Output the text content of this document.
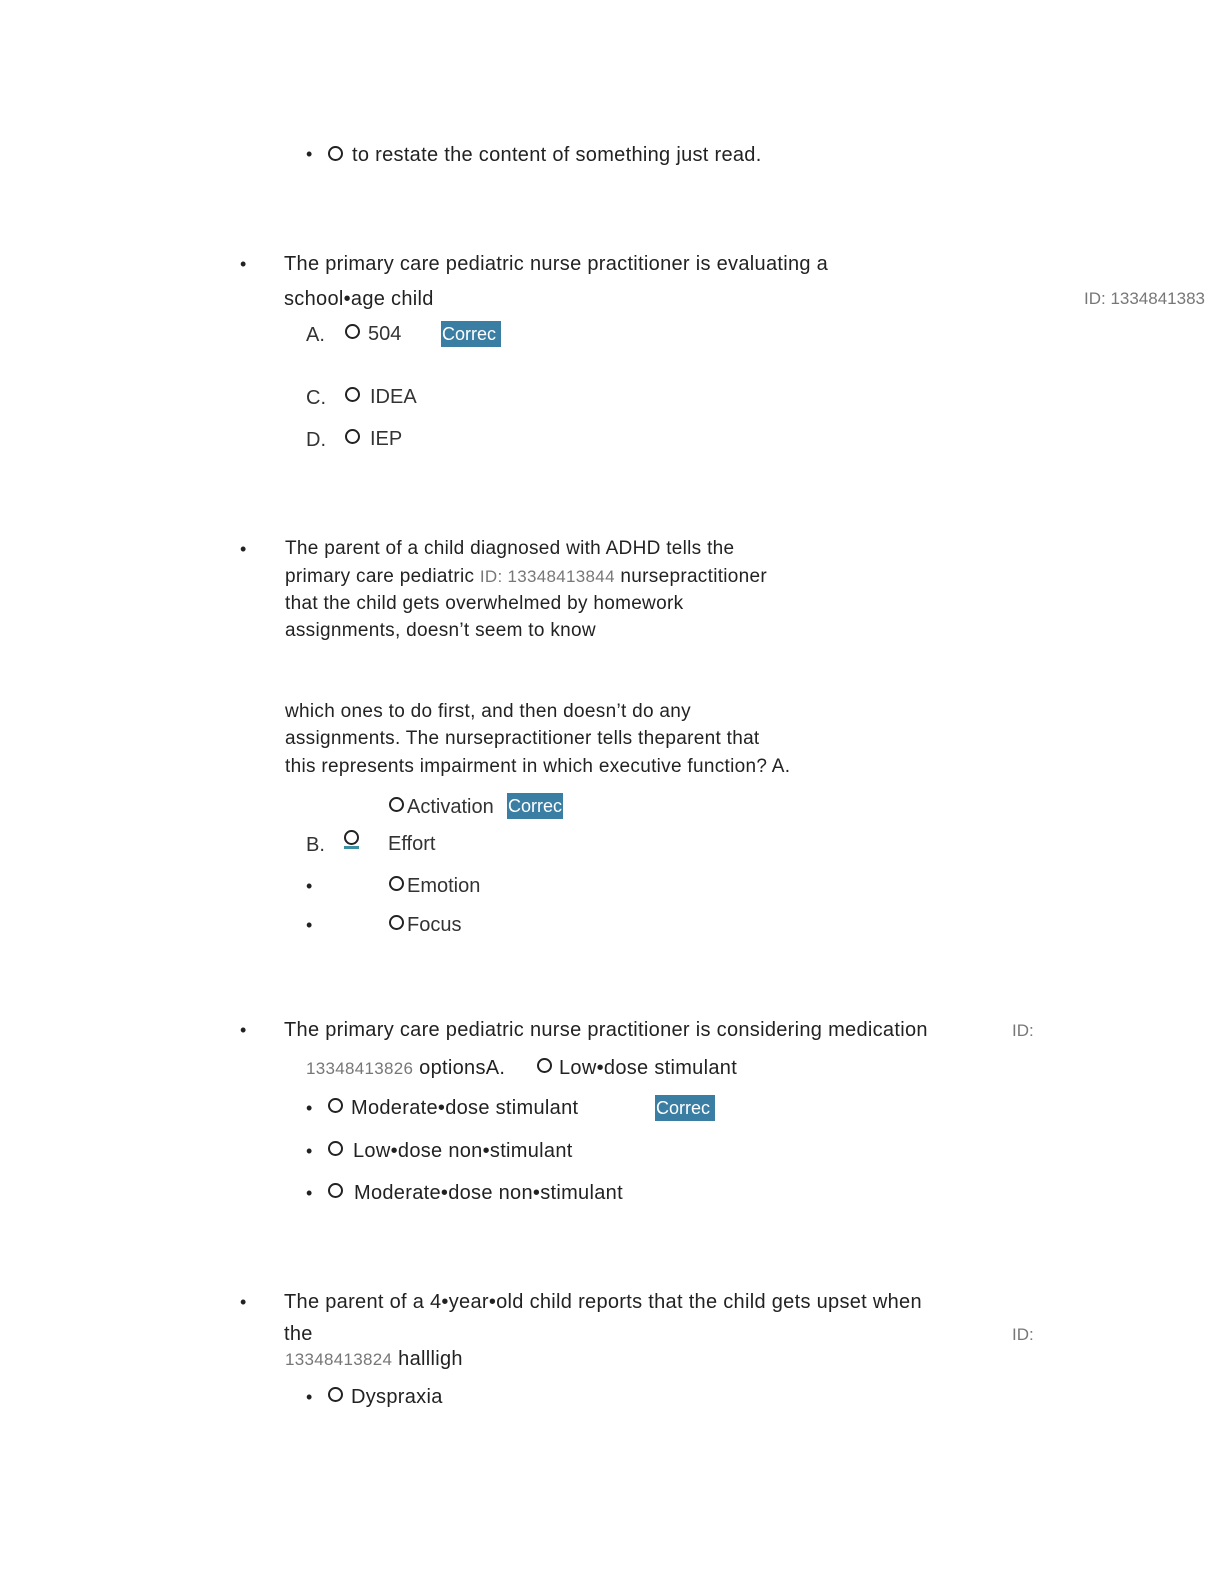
• to restate the content of something just read.
• The primary care pediatric nurse practitioner is evaluating a
school•age child	ID: 1334841383
A. 504 Correc
C. IDEA
D. IEP
• The parent of a child diagnosed with ADHD tells the
primary care pediatric ID: 13348413844 nursepractitioner
that the child gets overwhelmed by homework
assignments, doesn’t seem to know
which ones to do first, and then doesn’t do any
assignments. The nursepractitioner tells theparent that
this represents impairment in which executive function? A.
Activation Correc
B.	Effort
•	Emotion
•	Focus
• The primary care pediatric nurse practitioner is considering medication	ID:
13348413826 optionsA.	Low•dose stimulant
• Moderate•dose stimulant	Correc
• Low•dose non•stimulant
• Moderate•dose non•stimulant
• The parent of a 4•year•old child reports that the child gets upset when
the	ID:
13348413824 hallligh
• Dyspraxia
